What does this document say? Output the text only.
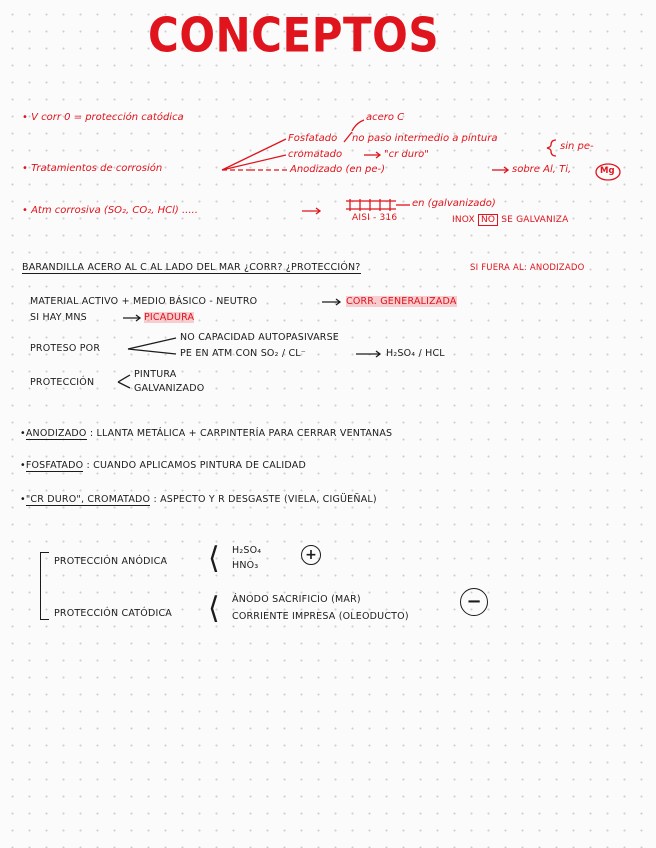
CONCEPTOS
• V corr 0 = protección catódica
• Tratamientos de corrosión
acero C
Fosfatado no paso intermedio a pintura
sin pe-
cromatado	"cr duro"
Anodizado (en pe-)	sobre Al, Ti,	Mg
• Atm corrosiva (SO₂, CO₂, HCl) .....
en (galvanizado)
AISI - 316	INOX NO SE GALVANIZA
BARANDILLA ACERO AL C AL LADO DEL MAR ¿CORR? ¿PROTECCIÓN?	SI FUERA AL: ANODIZADO
MATERIAL ACTIVO + MEDIO BÁSICO - NEUTRO	CORR. GENERALIZADA
SI HAY MNS	PICADURA
PROTESO POR
NO CAPACIDAD AUTOPASIVARSE
PE EN ATM CON SO₂ / CL⁻	H₂SO₄ / HCL
PROTECCIÓN
PINTURA
GALVANIZADO
•ANODIZADO : LLANTA METÁLICA + CARPINTERÍA PARA CERRAR VENTANAS
•FOSFATADO : CUANDO APLICAMOS PINTURA DE CALIDAD
•"CR DURO", CROMATADO : ASPECTO Y R DESGASTE (VIELA, CIGÜEÑAL)
PROTECCIÓN ANÓDICA ⟨ H₂SO₄
HNO₃
+
PROTECCIÓN CATÓDICA ⟨ ÁNODO SACRIFICIO (MAR)
CORRIENTE IMPRESA (OLEODUCTO)
−
